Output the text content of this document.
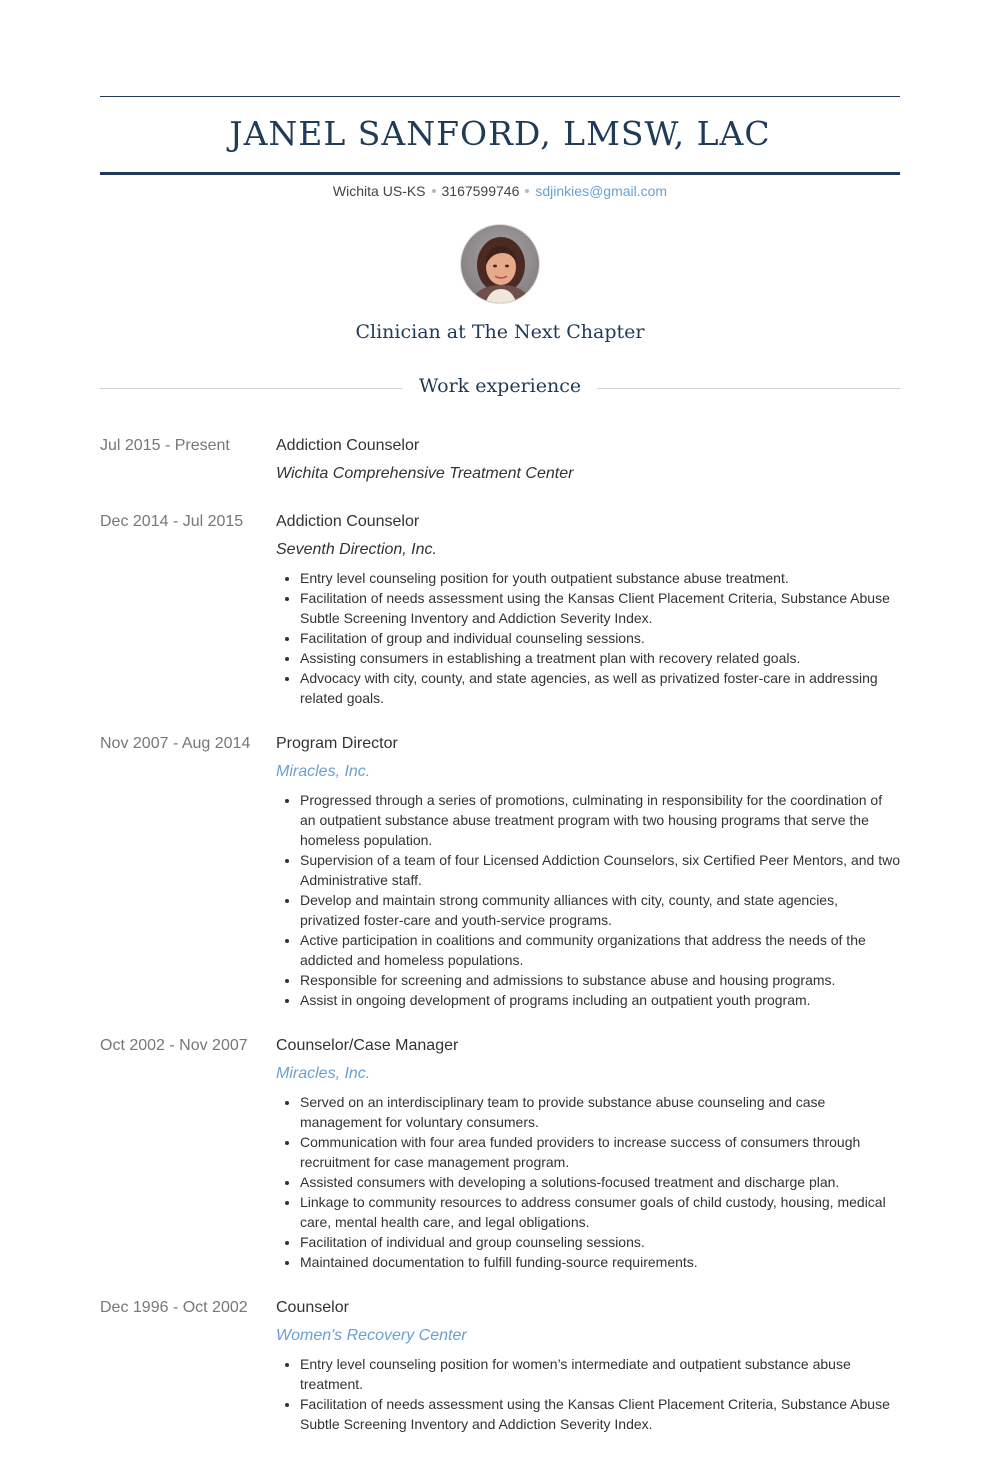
JANEL SANFORD, LMSW, LAC
Wichita US-KS 3167599746 sdjinkies@gmail.com
Clinician at The Next Chapter
Work experience
Jul 2015 - Present	Addiction Counselor
Wichita Comprehensive Treatment Center
Dec 2014 - Jul 2015	Addiction Counselor
Seventh Direction, Inc.
• Entry level counseling position for youth outpatient substance abuse treatment.
• Facilitation of needs assessment using the Kansas Client Placement Criteria, Substance Abuse Subtle Screening Inventory and Addiction Severity Index.
• Facilitation of group and individual counseling sessions.
• Assisting consumers in establishing a treatment plan with recovery related goals.
• Advocacy with city, county, and state agencies, as well as privatized foster-care in addressing related goals.
Nov 2007 - Aug 2014	Program Director
Miracles, Inc.
• Progressed through a series of promotions, culminating in responsibility for the coordination of an outpatient substance abuse treatment program with two housing programs that serve the homeless population.
• Supervision of a team of four Licensed Addiction Counselors, six Certified Peer Mentors, and two Administrative staff.
• Develop and maintain strong community alliances with city, county, and state agencies, privatized foster-care and youth-service programs.
• Active participation in coalitions and community organizations that address the needs of the addicted and homeless populations.
• Responsible for screening and admissions to substance abuse and housing programs.
• Assist in ongoing development of programs including an outpatient youth program.
Oct 2002 - Nov 2007	Counselor/Case Manager
Miracles, Inc.
• Served on an interdisciplinary team to provide substance abuse counseling and case management for voluntary consumers.
• Communication with four area funded providers to increase success of consumers through recruitment for case management program.
• Assisted consumers with developing a solutions-focused treatment and discharge plan.
• Linkage to community resources to address consumer goals of child custody, housing, medical care, mental health care, and legal obligations.
• Facilitation of individual and group counseling sessions.
• Maintained documentation to fulfill funding-source requirements.
Dec 1996 - Oct 2002	Counselor
Women's Recovery Center
• Entry level counseling position for women’s intermediate and outpatient substance abuse treatment.
• Facilitation of needs assessment using the Kansas Client Placement Criteria, Substance Abuse Subtle Screening Inventory and Addiction Severity Index.
